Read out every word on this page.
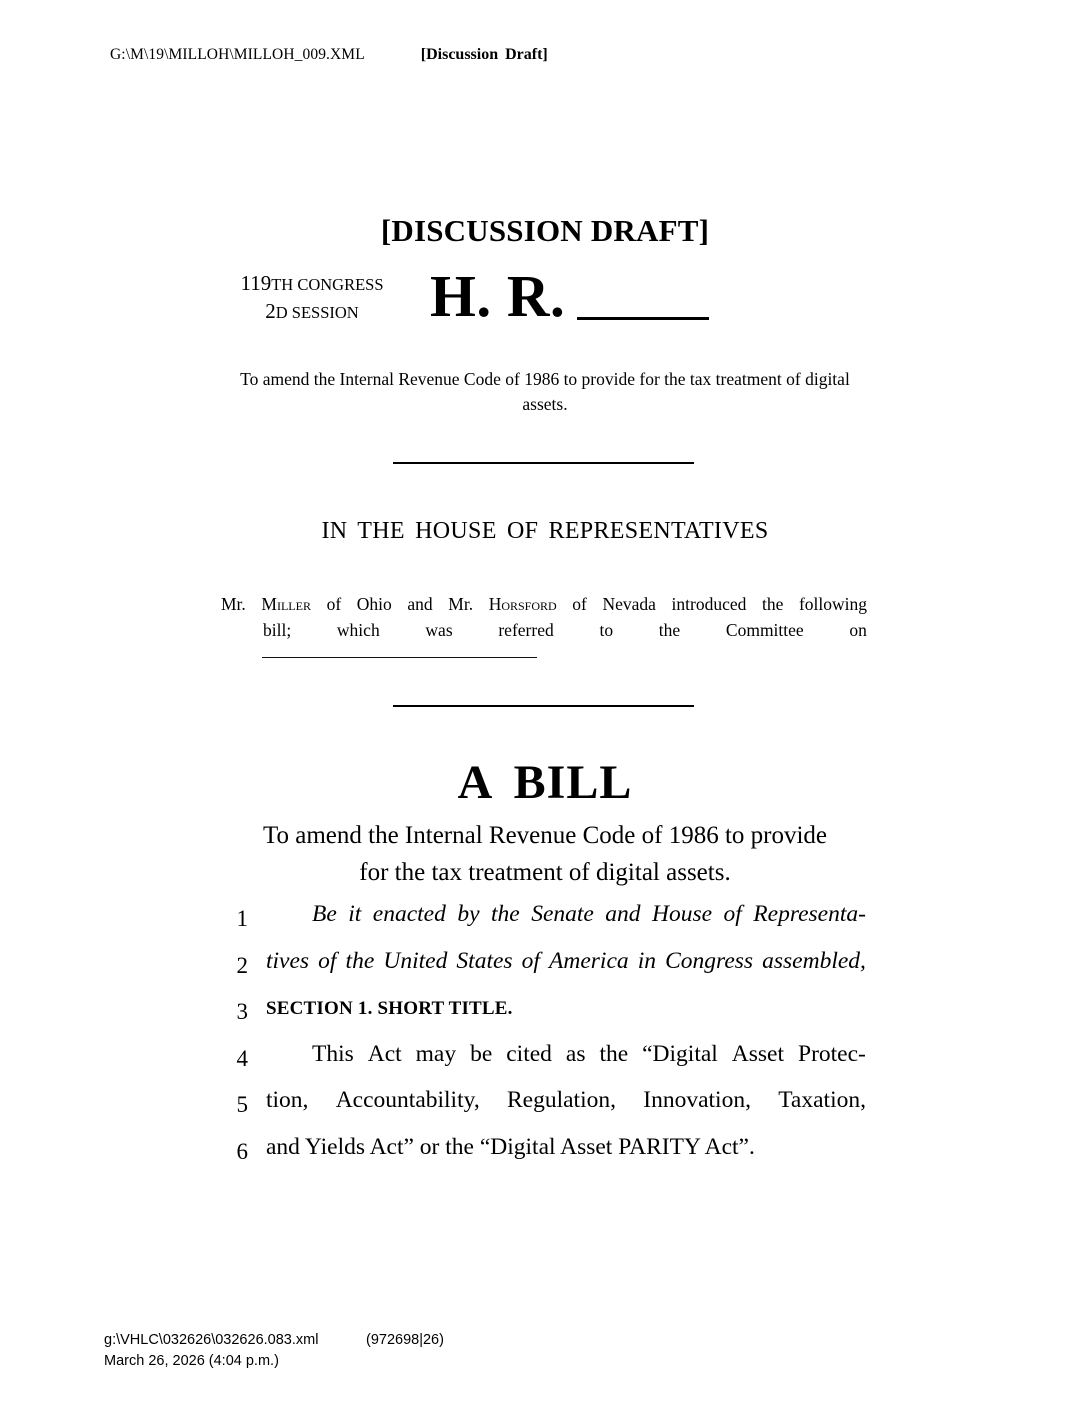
G:\M\19\MILLOH\MILLOH_009.XML	[Discussion Draft]
[DISCUSSION DRAFT]
119TH CONGRESS
2D SESSION	H. R.
To amend the Internal Revenue Code of 1986 to provide for the tax treatment of digital assets.
IN THE HOUSE OF REPRESENTATIVES
Mr. Miller of Ohio and Mr. Horsford of Nevada introduced the following
bill;	which	was	referred	to	the	Committee	on
A BILL
To amend the Internal Revenue Code of 1986 to provide
for the tax treatment of digital assets.
1	Be it enacted by the Senate and House of Representa-
2 tives of the United States of America in Congress assembled,
3 SECTION 1. SHORT TITLE.
4	This Act may be cited as the “Digital Asset Protec-
5 tion, Accountability, Regulation, Innovation, Taxation,
6 and Yields Act” or the “Digital Asset PARITY Act”.
g:\VHLC\032626\032626.083.xml	(972698|26)
March 26, 2026 (4:04 p.m.)
